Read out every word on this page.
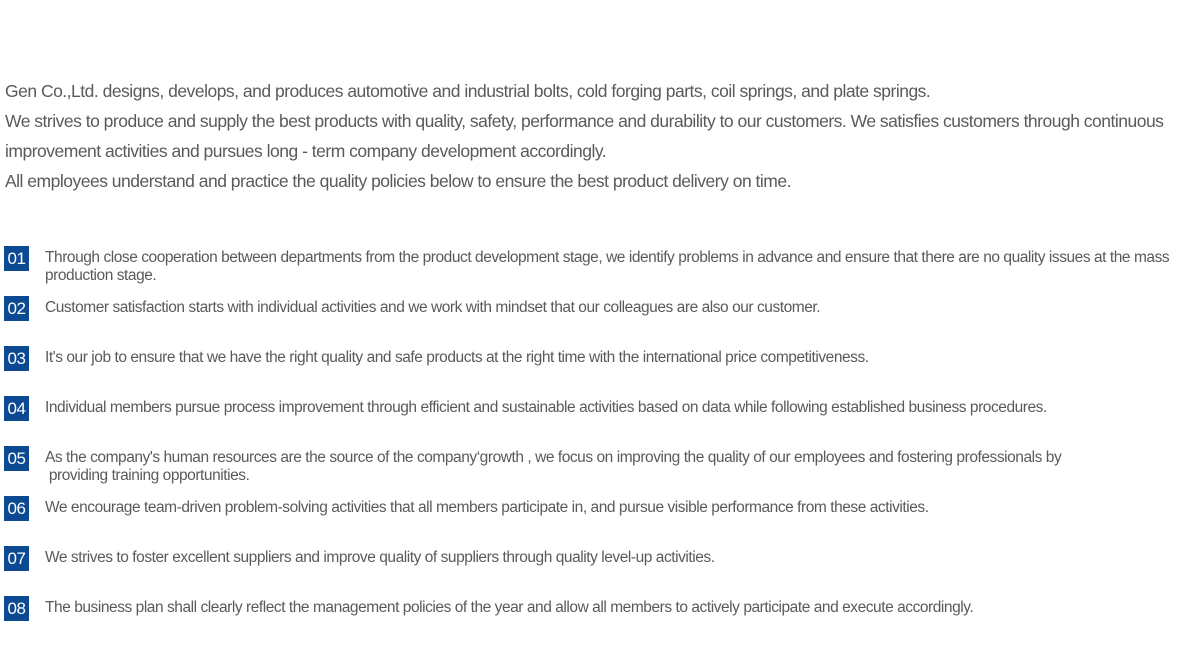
Gen Co.,Ltd. designs, develops, and produces automotive and industrial bolts, cold forging parts, coil springs, and plate springs.

We strives to produce and supply the best products with quality, safety, performance and durability to our customers. We satisfies customers through continuous improvement activities and pursues long - term company development accordingly.

All employees understand and practice the quality policies below to ensure the best product delivery on time.

01 Through close cooperation between departments from the product development stage, we identify problems in advance and ensure that there are no quality issues at the mass production stage.
02 Customer satisfaction starts with individual activities and we work with mindset that our colleagues are also our customer.
03 It's our job to ensure that we have the right quality and safe products at the right time with the international price competitiveness.
04 Individual members pursue process improvement through efficient and sustainable activities based on data while following established business procedures.
05 As the company's human resources are the source of the company‘growth , we focus on improving the quality of our employees and fostering professionals by
providing training opportunities.
06 We encourage team-driven problem-solving activities that all members participate in, and pursue visible performance from these activities.
07 We strives to foster excellent suppliers and improve quality of suppliers through quality level-up activities.
08 The business plan shall clearly reflect the management policies of the year and allow all members to actively participate and execute accordingly.
